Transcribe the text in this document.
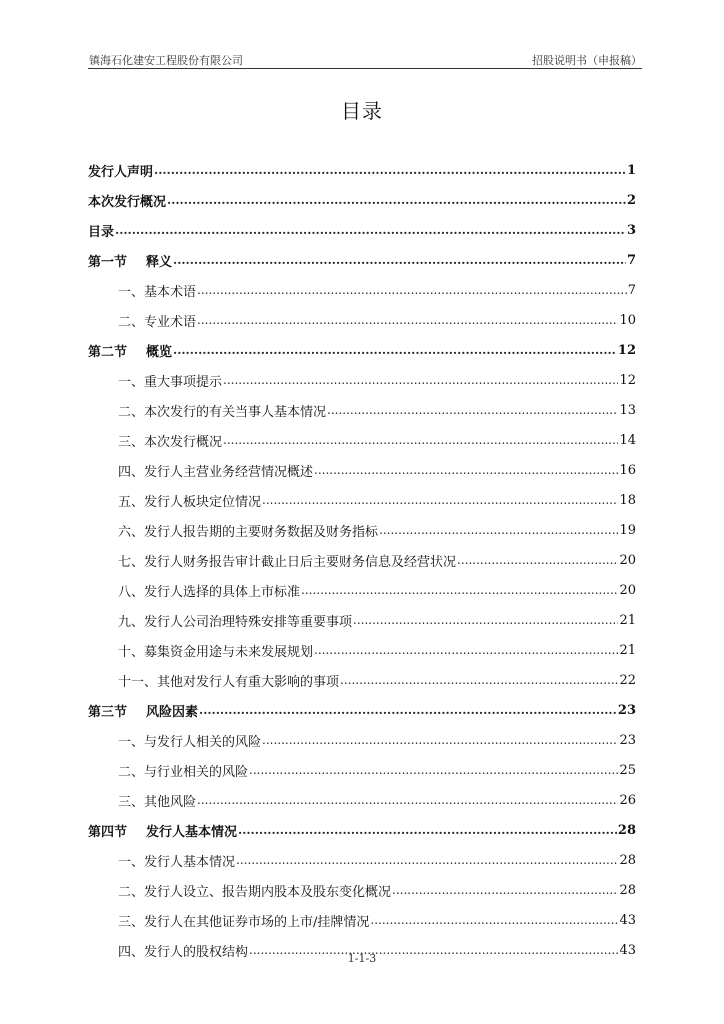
镇海石化建安工程股份有限公司	招股说明书（申报稿）
目录
发行人声明 .....	1
本次发行概况 .....	2
目录 .....	3
第一节 释义 .....	7
一、基本术语 .....	7
二、专业术语 .....	10
第二节 概览 .....	12
一、重大事项提示 .....	12
二、本次发行的有关当事人基本情况 .....	13
三、本次发行概况 .....	14
四、发行人主营业务经营情况概述 .....	16
五、发行人板块定位情况 .....	18
六、发行人报告期的主要财务数据及财务指标 .....	19
七、发行人财务报告审计截止日后主要财务信息及经营状况 .....	20
八、发行人选择的具体上市标准 .....	20
九、发行人公司治理特殊安排等重要事项 .....	21
十、募集资金用途与未来发展规划 .....	21
十一、其他对发行人有重大影响的事项 .....	22
第三节 风险因素 .....	23
一、与发行人相关的风险 .....	23
二、与行业相关的风险 .....	25
三、其他风险 .....	26
第四节 发行人基本情况 .....	28
一、发行人基本情况 .....	28
二、发行人设立、报告期内股本及股东变化概况 .....	28
三、发行人在其他证券市场的上市/挂牌情况 .....	43
四、发行人的股权结构 .....	43
1-1-3
